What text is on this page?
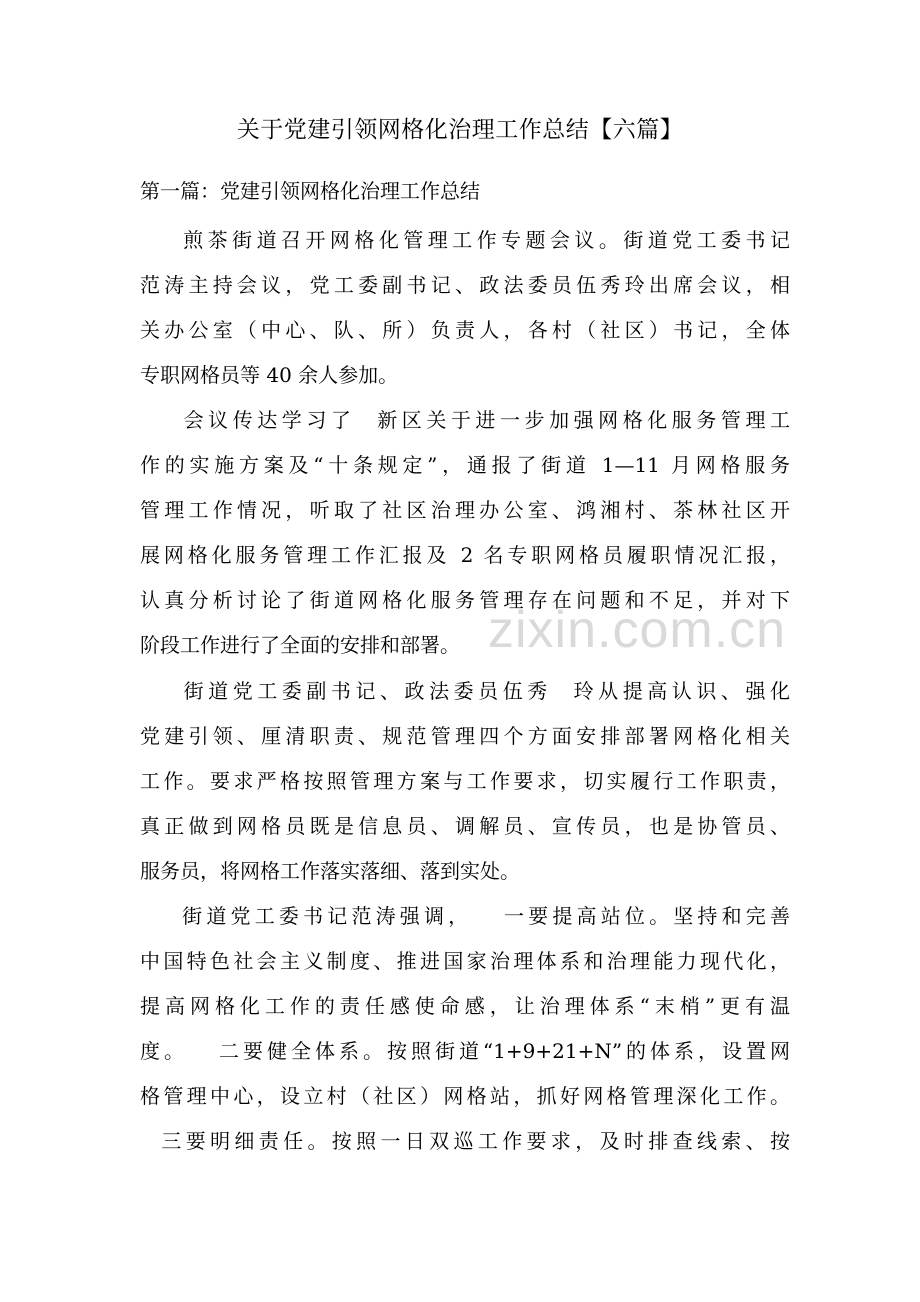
关于党建引领网格化治理工作总结【六篇】
第一篇：党建引领网格化治理工作总结
煎茶街道召开网格化管理工作专题会议。街道党工委书记
范涛主持会议，党工委副书记、政法委员伍秀玲出席会议，相
关办公室（中心、队、所）负责人，各村（社区）书记，全体
专职网格员等 40 余人参加。
会议传达学习了  新区关于进一步加强网格化服务管理工
作的实施方案及“十条规定”，通报了街道 1—11 月网格服务
管理工作情况，听取了社区治理办公室、鸿湘村、茶林社区开
展网格化服务管理工作汇报及 2 名专职网格员履职情况汇报，
认真分析讨论了街道网格化服务管理存在问题和不足，并对下
阶段工作进行了全面的安排和部署。
街道党工委副书记、政法委员伍秀  玲从提高认识、强化
党建引领、厘清职责、规范管理四个方面安排部署网格化相关
工作。要求严格按照管理方案与工作要求，切实履行工作职责，
真正做到网格员既是信息员、调解员、宣传员，也是协管员、
服务员，将网格工作落实落细、落到实处。
街道党工委书记范涛强调，   一要提高站位。坚持和完善
中国特色社会主义制度、推进国家治理体系和治理能力现代化，
提高网格化工作的责任感使命感，让治理体系“末梢”更有温
度。   二要健全体系。按照街道“1+9+21+N”的体系，设置网
格管理中心，设立村（社区）网格站，抓好网格管理深化工作。
三要明细责任。按照一日双巡工作要求，及时排查线索、按
zixin.com.cn
